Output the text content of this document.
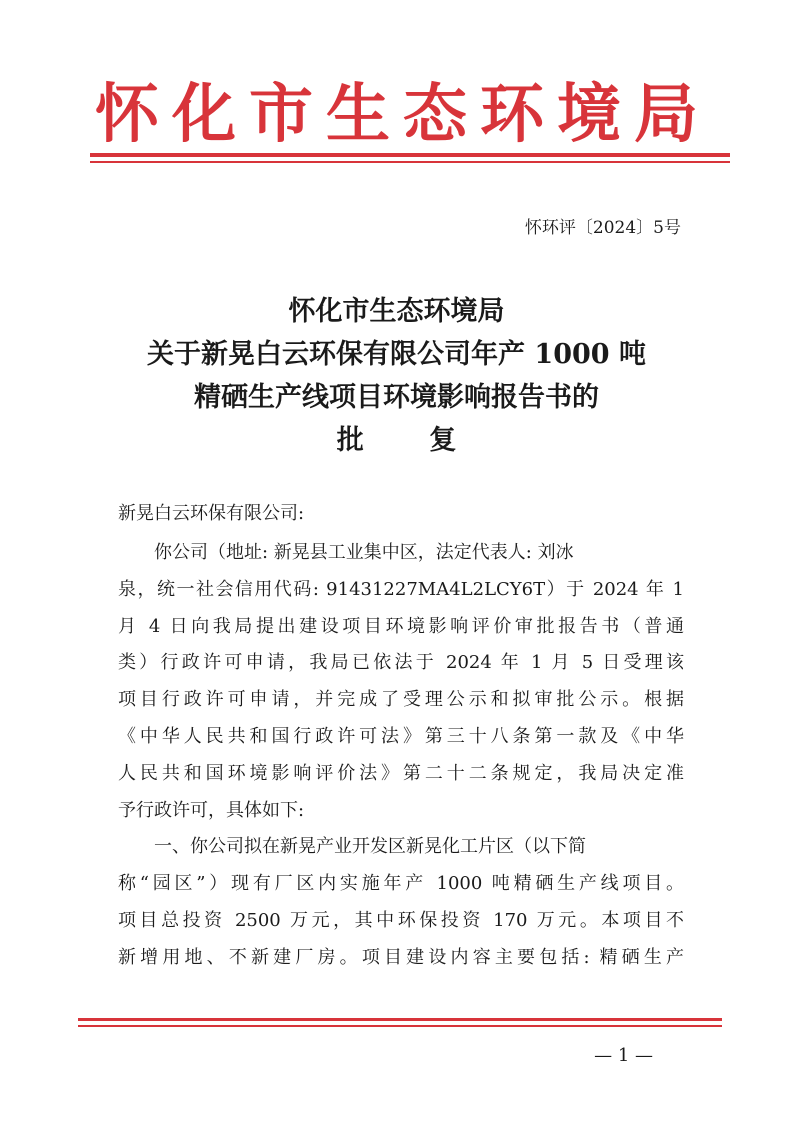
怀化市生态环境局
怀环评〔2024〕5号
怀化市生态环境局
关于新晃白云环保有限公司年产 1000 吨
精硒生产线项目环境影响报告书的
批 复
新晃白云环保有限公司:
你公司（地址: 新晃县工业集中区，法定代表人: 刘冰
泉，统一社会信用代码: 91431227MA4L2LCY6T）于 2024 年 1
月 4 日向我局提出建设项目环境影响评价审批报告书（普通
类）行政许可申请，我局已依法于 2024 年 1 月 5 日受理该
项目行政许可申请，并完成了受理公示和拟审批公示。根据
《中华人民共和国行政许可法》第三十八条第一款及《中华
人民共和国环境影响评价法》第二十二条规定，我局决定准
予行政许可，具体如下:
一、你公司拟在新晃产业开发区新晃化工片区（以下简
称“园区”）现有厂区内实施年产 1000 吨精硒生产线项目。
项目总投资 2500 万元，其中环保投资 170 万元。本项目不
新增用地、不新建厂房。项目建设内容主要包括: 精硒生产
— 1 —
